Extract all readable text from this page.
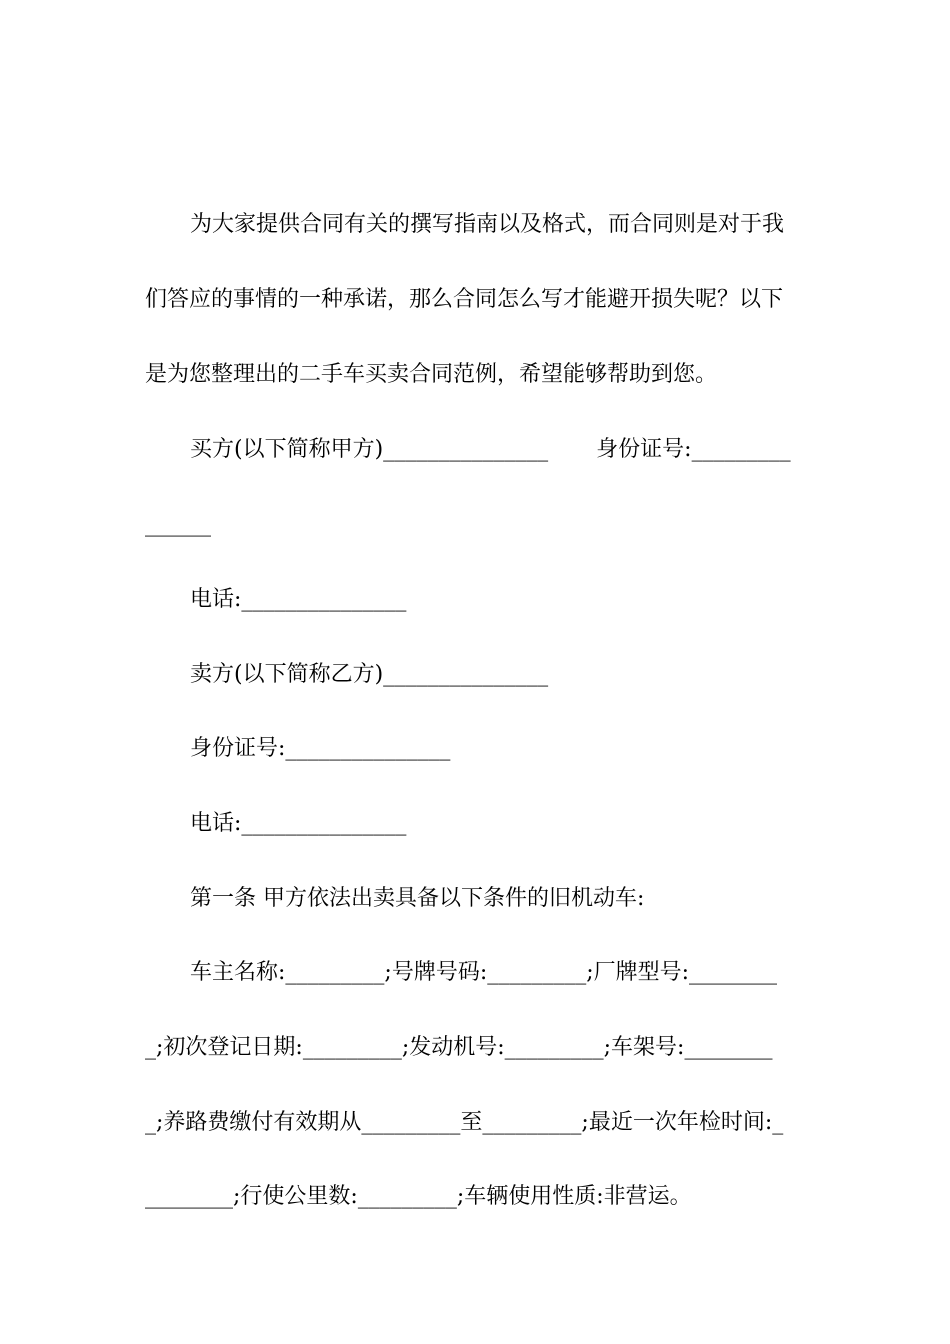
为大家提供合同有关的撰写指南以及格式，而合同则是对于我
们答应的事情的一种承诺，那么合同怎么写才能避开损失呢？以下
是为您整理出的二手车买卖合同范例，希望能够帮助到您。
买方(以下简称甲方)_______________ 身份证号:_________
______
电话:_______________
卖方(以下简称乙方)_______________
身份证号:_______________
电话:_______________
第一条 甲方依法出卖具备以下条件的旧机动车:
车主名称:_________;号牌号码:_________;厂牌型号:________
_;初次登记日期:_________;发动机号:_________;车架号:________
_;养路费缴付有效期从_________至_________;最近一次年检时间:_
________;行使公里数:_________;车辆使用性质:非营运。
